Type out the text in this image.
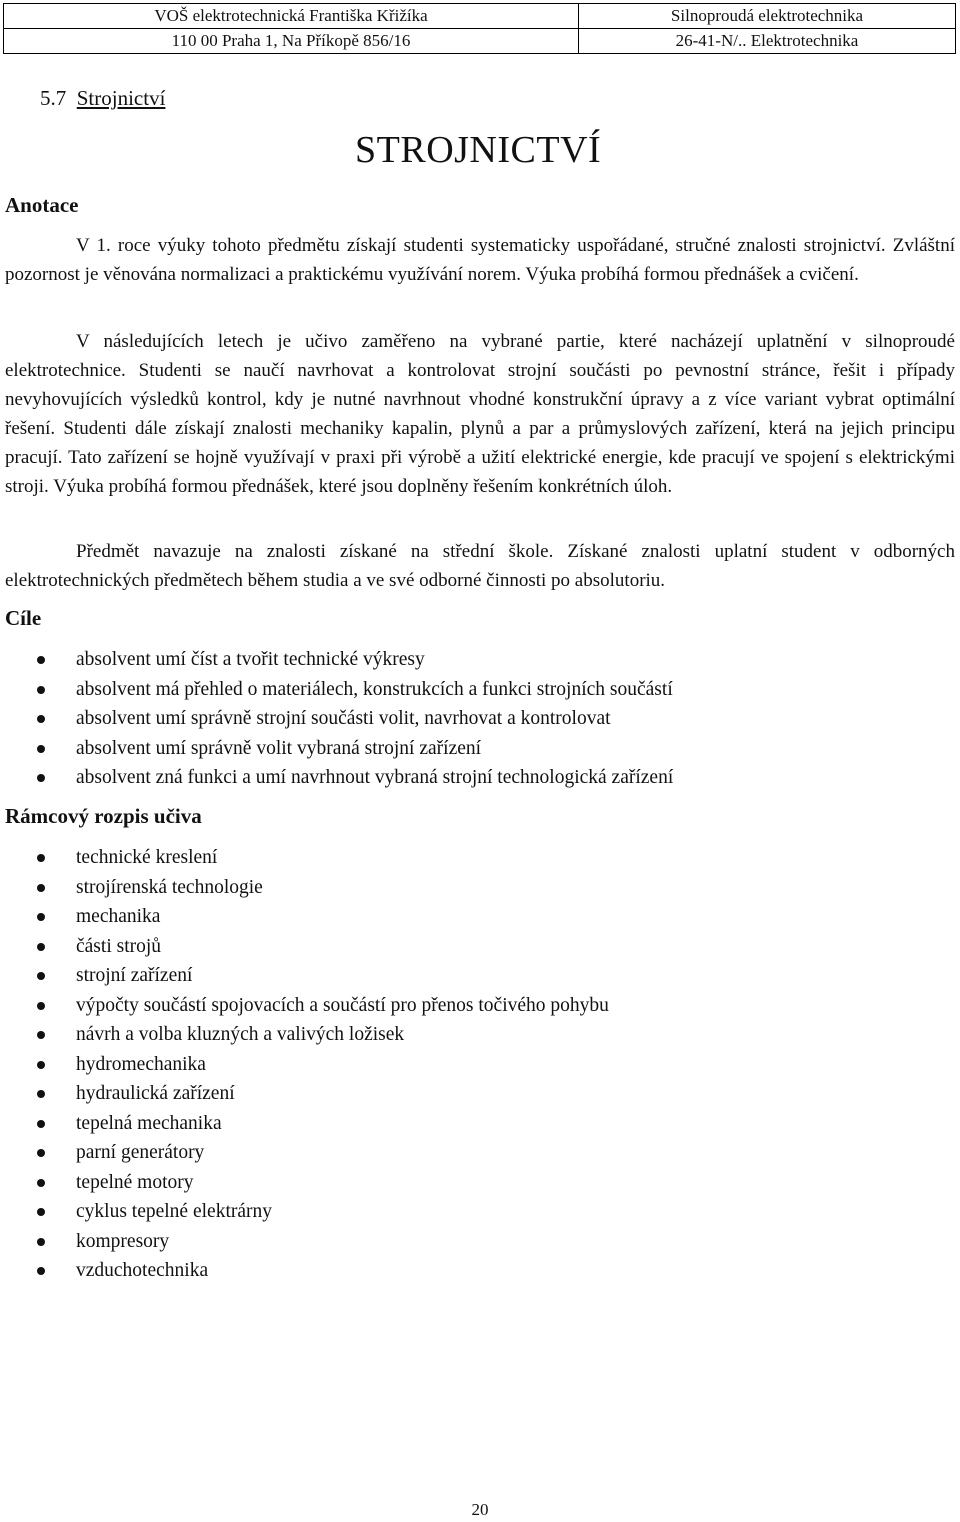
VOŠ elektrotechnická Františka Křižíka	Silnoproudá elektrotechnika
110 00 Praha 1, Na Příkopě 856/16	26-41-N/.. Elektrotechnika

5.7 Strojnictví

STROJNICTVÍ

Anotace

V 1. roce výuky tohoto předmětu získají studenti systematicky uspořádané, stručné znalosti strojnictví. Zvláštní pozornost je věnována normalizaci a praktickému využívání norem. Výuka probíhá formou přednášek a cvičení.

V následujících letech je učivo zaměřeno na vybrané partie, které nacházejí uplatnění v silnoproudé elektrotechnice. Studenti se naučí navrhovat a kontrolovat strojní součásti po pevnostní stránce, řešit i případy nevyhovujících výsledků kontrol, kdy je nutné navrhnout vhodné konstrukční úpravy a z více variant vybrat optimální řešení. Studenti dále získají znalosti mechaniky kapalin, plynů a par a průmyslových zařízení, která na jejich principu pracují. Tato zařízení se hojně využívají v praxi při výrobě a užití elektrické energie, kde pracují ve spojení s elektrickými stroji. Výuka probíhá formou přednášek, které jsou doplněny řešením konkrétních úloh.

Předmět navazuje na znalosti získané na střední škole. Získané znalosti uplatní student v odborných elektrotechnických předmětech během studia a ve své odborné činnosti po absolutoriu.

Cíle

absolvent umí číst a tvořit technické výkresy
absolvent má přehled o materiálech, konstrukcích a funkci strojních součástí
absolvent umí správně strojní součásti volit, navrhovat a kontrolovat
absolvent umí správně volit vybraná strojní zařízení
absolvent zná funkci a umí navrhnout vybraná strojní technologická zařízení

Rámcový rozpis učiva

technické kreslení
strojírenská technologie
mechanika
části strojů
strojní zařízení
výpočty součástí spojovacích a součástí pro přenos točivého pohybu
návrh a volba kluzných a valivých ložisek
hydromechanika
hydraulická zařízení
tepelná mechanika
parní generátory
tepelné motory
cyklus tepelné elektrárny
kompresory
vzduchotechnika
20
